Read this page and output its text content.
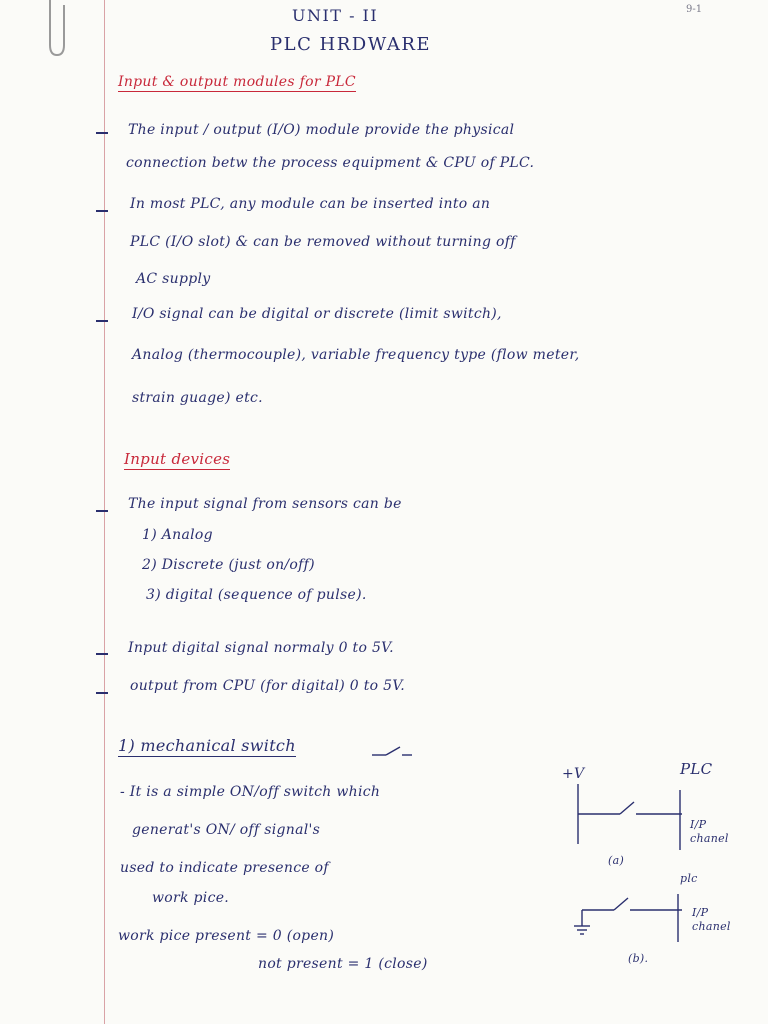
9-1
UNIT - II
PLC HRDWARE
Input & output modules for PLC
The input / output (I/O) module provide the physical
connection betw the process equipment & CPU of PLC.
In most PLC, any module can be inserted into an
PLC (I/O slot) & can be removed without turning off
AC supply
I/O signal can be digital or discrete (limit switch),
Analog (thermocouple), variable frequency type (flow meter,
strain guage) etc.
Input devices
The input signal from sensors can be
1) Analog
2) Discrete (just on/off)
3) digital (sequence of pulse).
Input digital signal normaly 0 to 5V.
output from CPU (for digital) 0 to 5V.
1) mechanical switch
- It is a simple ON/off switch which
generat's ON/ off signal's
used to indicate presence of
work pice.
work pice present = 0 (open)
not present = 1 (close)
+V	PLC
I/P chanel
(a)
plc
I/P chanel
(b).
